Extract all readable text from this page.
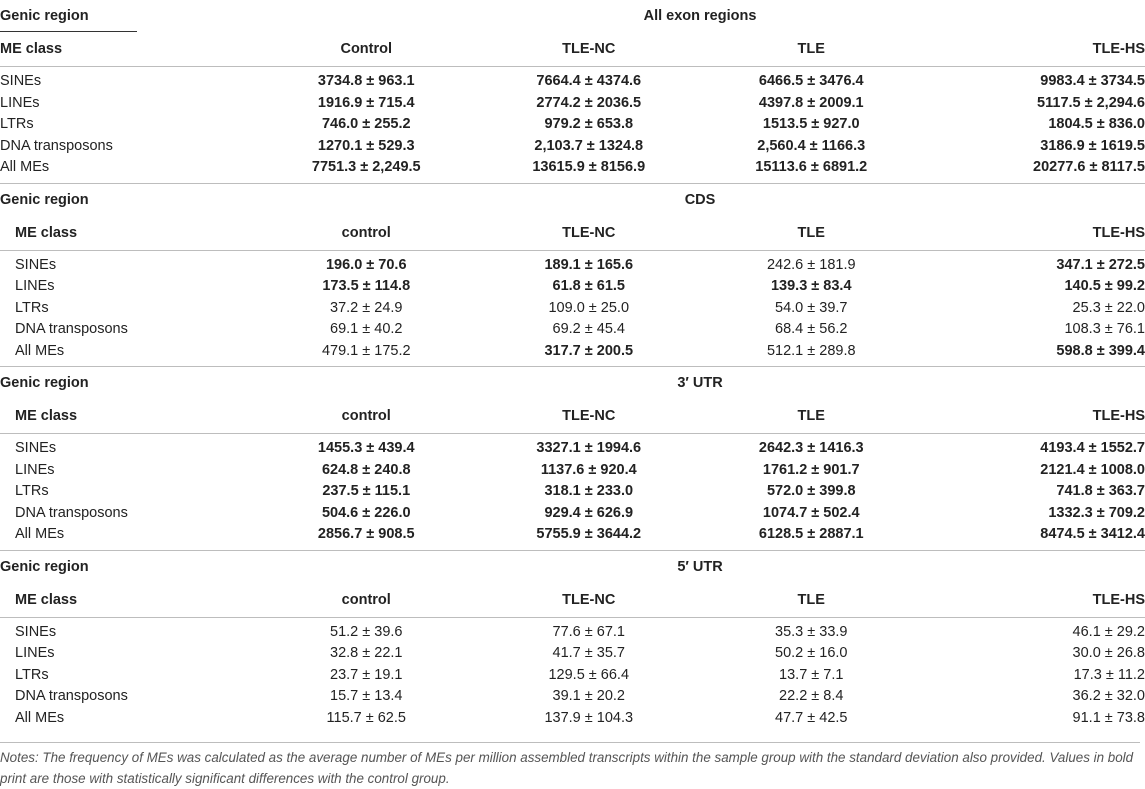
Genic region	All exon regions			
ME class	Control	TLE-NC	TLE	TLE-HS

SINEs	3734.8 ± 963.1	7664.4 ± 4374.6	6466.5 ± 3476.4	9983.4 ± 3734.5
LINEs	1916.9 ± 715.4	2774.2 ± 2036.5	4397.8 ± 2009.1	5117.5 ± 2,294.6
LTRs	746.0 ± 255.2	979.2 ± 653.8	1513.5 ± 927.0	1804.5 ± 836.0
DNA transposons	1270.1 ± 529.3	2,103.7 ± 1324.8	2,560.4 ± 1166.3	3186.9 ± 1619.5
All MEs	7751.3 ± 2,249.5	13615.9 ± 8156.9	15113.6 ± 6891.2	20277.6 ± 8117.5

Genic region	CDS			
ME class	control	TLE-NC	TLE	TLE-HS

SINEs	196.0 ± 70.6	189.1 ± 165.6	242.6 ± 181.9	347.1 ± 272.5
LINEs	173.5 ± 114.8	61.8 ± 61.5	139.3 ± 83.4	140.5 ± 99.2
LTRs	37.2 ± 24.9	109.0 ± 25.0	54.0 ± 39.7	25.3 ± 22.0
DNA transposons	69.1 ± 40.2	69.2 ± 45.4	68.4 ± 56.2	108.3 ± 76.1
All MEs	479.1 ± 175.2	317.7 ± 200.5	512.1 ± 289.8	598.8 ± 399.4

Genic region	3′ UTR			
ME class	control	TLE-NC	TLE	TLE-HS

SINEs	1455.3 ± 439.4	3327.1 ± 1994.6	2642.3 ± 1416.3	4193.4 ± 1552.7
LINEs	624.8 ± 240.8	1137.6 ± 920.4	1761.2 ± 901.7	2121.4 ± 1008.0
LTRs	237.5 ± 115.1	318.1 ± 233.0	572.0 ± 399.8	741.8 ± 363.7
DNA transposons	504.6 ± 226.0	929.4 ± 626.9	1074.7 ± 502.4	1332.3 ± 709.2
All MEs	2856.7 ± 908.5	5755.9 ± 3644.2	6128.5 ± 2887.1	8474.5 ± 3412.4

Genic region	5′ UTR			
ME class	control	TLE-NC	TLE	TLE-HS

SINEs	51.2 ± 39.6	77.6 ± 67.1	35.3 ± 33.9	46.1 ± 29.2
LINEs	32.8 ± 22.1	41.7 ± 35.7	50.2 ± 16.0	30.0 ± 26.8
LTRs	23.7 ± 19.1	129.5 ± 66.4	13.7 ± 7.1	17.3 ± 11.2
DNA transposons	15.7 ± 13.4	39.1 ± 20.2	22.2 ± 8.4	36.2 ± 32.0
All MEs	115.7 ± 62.5	137.9 ± 104.3	47.7 ± 42.5	91.1 ± 73.8

Notes: The frequency of MEs was calculated as the average number of MEs per million assembled transcripts within the sample group with the standard deviation also provided. Values in bold print are those with statistically significant differences with the control group.
